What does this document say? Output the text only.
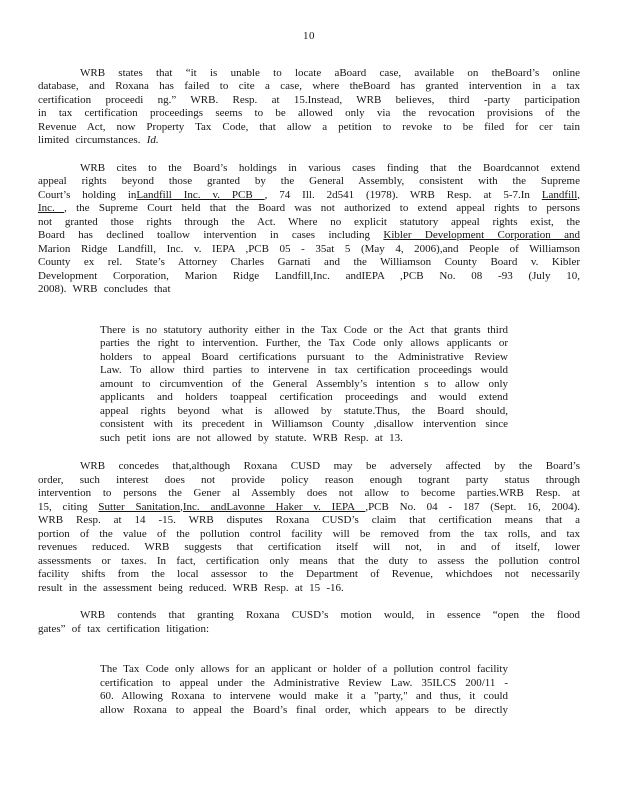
10
WRB states that “it is unable to locate aBoard case, available on theBoard’s online
database, and Roxana has failed to cite a case, where theBoard has granted intervention in a tax
certification proceedi ng.” WRB. Resp. at 15.Instead, WRB believes, third -party participation
in tax certification proceedings seems to be allowed only via the revocation provisions of the
Revenue Act, now Property Tax Code, that allow a petition to revoke to be filed for cer tain
limited circumstances. Id.
WRB cites to the Board’s holdings in various cases finding that the Boardcannot extend
appeal rights beyond those granted by the General Assembly, consistent with the Supreme
Court’s holding inLandfill Inc. v. PCB , 74 Ill. 2d541 (1978). WRB Resp. at 5-7.In Landfill,
Inc. , the Supreme Court held that the Board was not authorized to extend appeal rights to persons
not granted those rights through the Act. Where no explicit statutory appeal rights exist, the
Board has declined toallow intervention in cases including Kibler Development Corporation and
Marion Ridge Landfill, Inc. v. IEPA ,PCB 05 - 35at 5 (May 4, 2006),and People of Williamson
County ex rel. State’s Attorney Charles Garnati and the Williamson County Board v. Kibler
Development Corporation, Marion Ridge Landfill,Inc. andIEPA ,PCB No. 08 -93 (July 10,
2008). WRB concludes that
There is no statutory authority either in the Tax Code or the Act that grants third
parties the right to intervention. Further, the Tax Code only allows applicants or
holders to appeal Board certifications pursuant to the Administrative Review
Law. To allow third parties to intervene in tax certification proceedings would
amount to circumvention of the General Assembly’s intention s to allow only
applicants and holders toappeal certification proceedings and would extend
appeal rights beyond what is allowed by statute.Thus, the Board should,
consistent with its precedent in Williamson County ,disallow intervention since
such petit ions are not allowed by statute. WRB Resp. at 13.
WRB concedes that,although Roxana CUSD may be adversely affected by the Board’s
order, such interest does not provide policy reason enough togrant party status through
intervention to persons the Gener al Assembly does not allow to become parties.WRB Resp. at
15, citing Sutter Sanitation,Inc. andLavonne Haker v. IEPA ,PCB No. 04 - 187 (Sept. 16, 2004).
WRB Resp. at 14 -15. WRB disputes Roxana CUSD’s claim that certification means that a
portion of the value of the pollution control facility will be removed from the tax rolls, and tax
revenues reduced. WRB suggests that certification itself will not, in and of itself, lower
assessments or taxes. In fact, certification only means that the duty to assess the pollution control
facility shifts from the local assessor to the Department of Revenue, whichdoes not necessarily
result in the assessment being reduced. WRB Resp. at 15 -16.
WRB contends that granting Roxana CUSD’s motion would, in essence “open the flood
gates” of tax certification litigation:
The Tax Code only allows for an applicant or holder of a pollution control facility
certification to appeal under the Administrative Review Law. 35ILCS 200/11 -
60. Allowing Roxana to intervene would make it a "party," and thus, it could
allow Roxana to appeal the Board’s final order, which appears to be directly
